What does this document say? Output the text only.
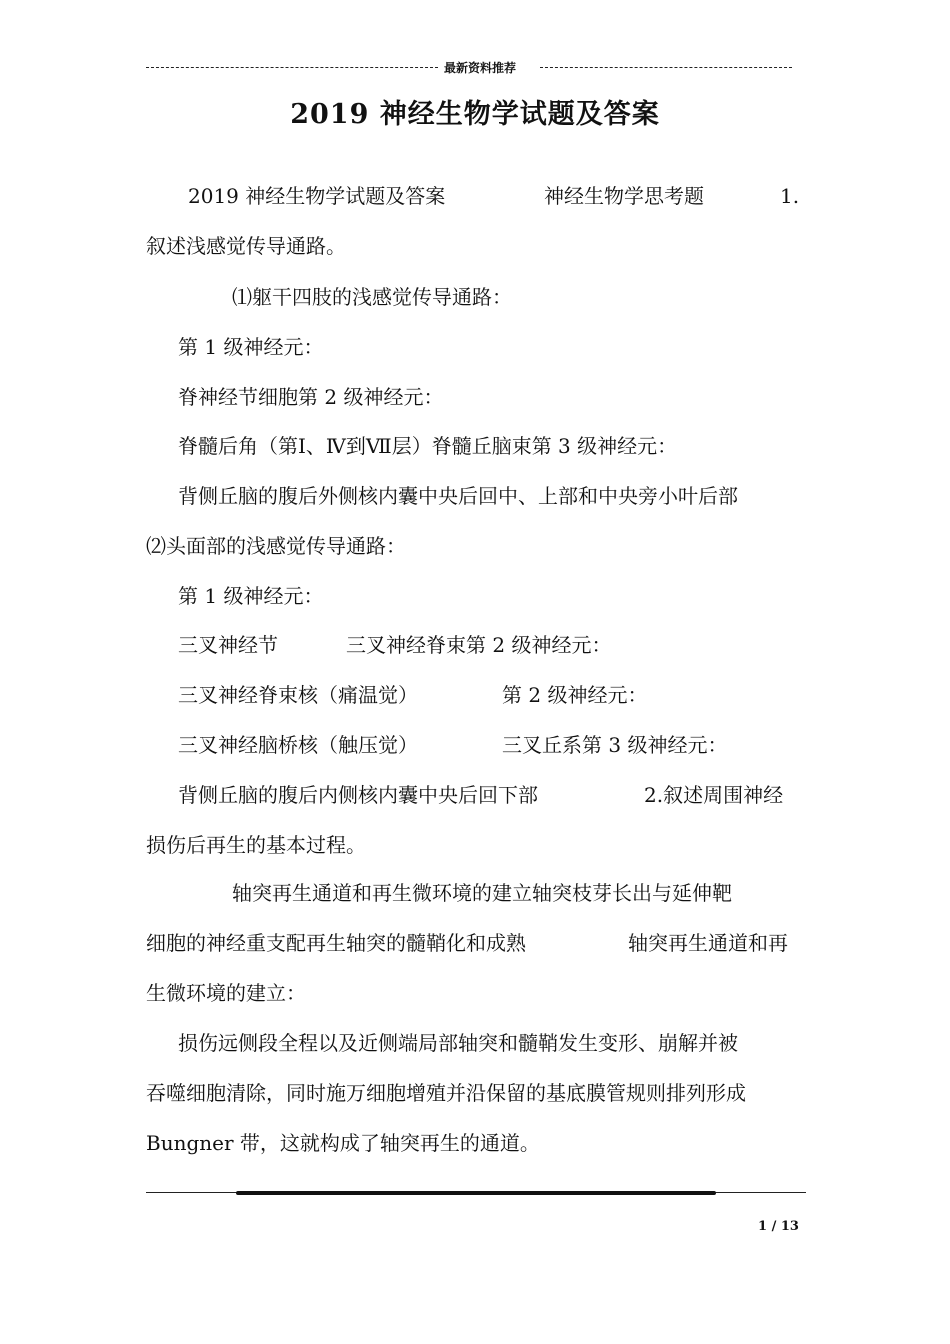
最新资料推荐
2019 神经生物学试题及答案
2019 神经生物学试题及答案	神经生物学思考题	1.
叙述浅感觉传导通路。
⑴躯干四肢的浅感觉传导通路：
第 1 级神经元：
脊神经节细胞第 2 级神经元：
脊髓后角（第Ⅰ、Ⅳ到Ⅶ层）脊髓丘脑束第 3 级神经元：
背侧丘脑的腹后外侧核内囊中央后回中、上部和中央旁小叶后部
⑵头面部的浅感觉传导通路：
第 1 级神经元：
三叉神经节	三叉神经脊束第 2 级神经元：
三叉神经脊束核（痛温觉）	第 2 级神经元：
三叉神经脑桥核（触压觉）	三叉丘系第 3 级神经元：
背侧丘脑的腹后内侧核内囊中央后回下部	2.叙述周围神经
损伤后再生的基本过程。
轴突再生通道和再生微环境的建立轴突枝芽长出与延伸靶
细胞的神经重支配再生轴突的髓鞘化和成熟	轴突再生通道和再
生微环境的建立：
损伤远侧段全程以及近侧端局部轴突和髓鞘发生变形、崩解并被
吞噬细胞清除，同时施万细胞增殖并沿保留的基底膜管规则排列形成
Bungner 带，这就构成了轴突再生的通道。
1 / 13
